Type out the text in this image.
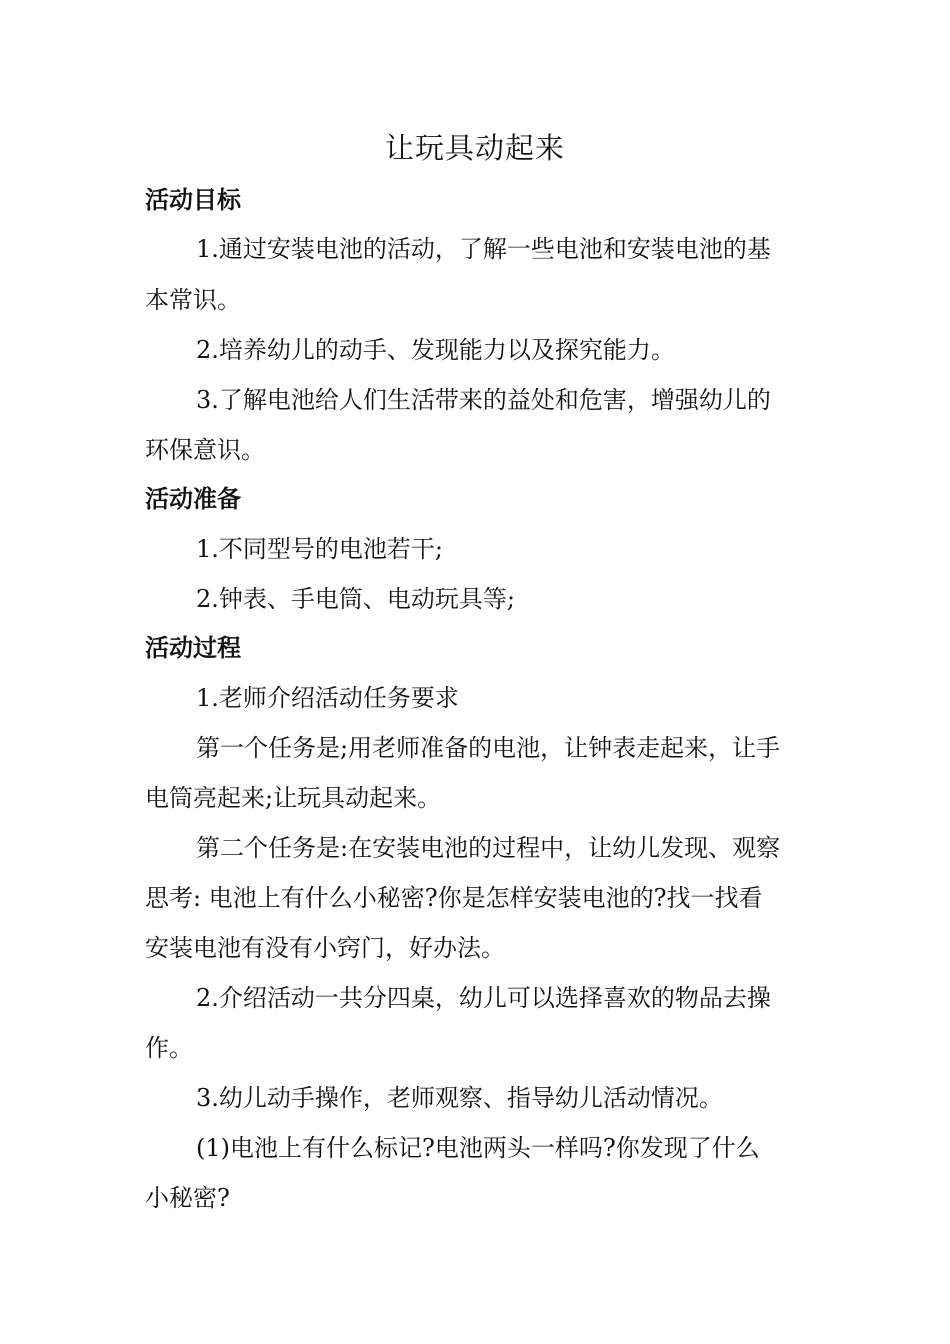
让玩具动起来
活动目标
1.通过安装电池的活动，了解一些电池和安装电池的基
本常识。
2.培养幼儿的动手、发现能力以及探究能力。
3.了解电池给人们生活带来的益处和危害，增强幼儿的
环保意识。
活动准备
1.不同型号的电池若干;
2.钟表、手电筒、电动玩具等;
活动过程
1.老师介绍活动任务要求
第一个任务是;用老师准备的电池，让钟表走起来，让手
电筒亮起来;让玩具动起来。
第二个任务是:在安装电池的过程中，让幼儿发现、观察
思考: 电池上有什么小秘密?你是怎样安装电池的?找一找看
安装电池有没有小窍门，好办法。
2.介绍活动一共分四桌，幼儿可以选择喜欢的物品去操
作。
3.幼儿动手操作，老师观察、指导幼儿活动情况。
(1)电池上有什么标记?电池两头一样吗?你发现了什么
小秘密?
